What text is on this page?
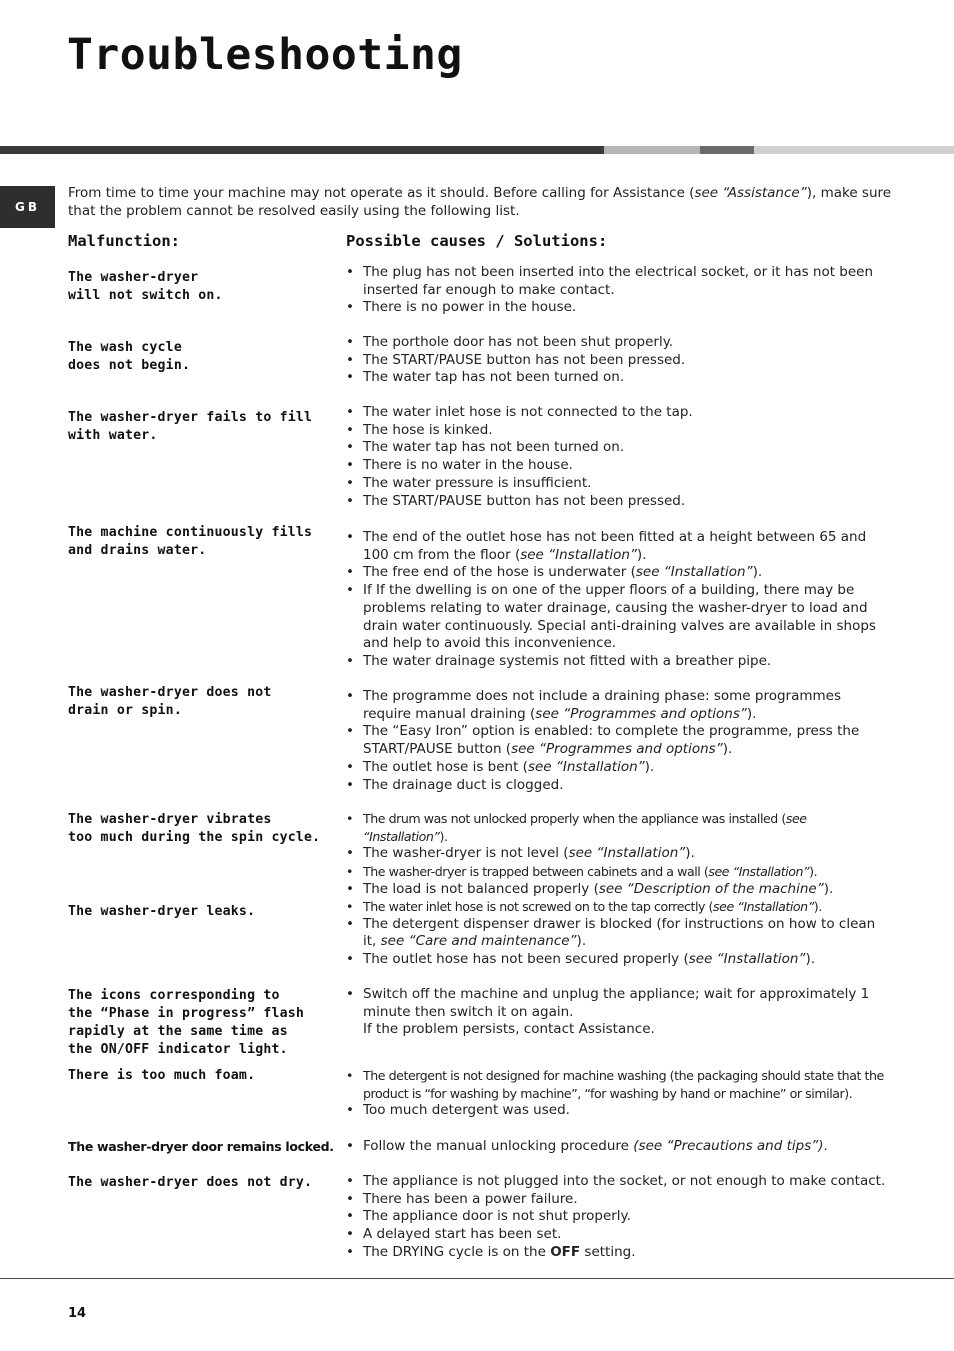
Troubleshooting
GB

From time to time your machine may not operate as it should. Before calling for Assistance (see “Assistance”), make sure that the problem cannot be resolved easily using the following list.

Malfunction:	Possible causes / Solutions:

The washer-dryer
will not switch on.

• The plug has not been inserted into the electrical socket, or it has not been inserted far enough to make contact.
• There is no power in the house.

The wash cycle
does not begin.

• The porthole door has not been shut properly.
• The START/PAUSE button has not been pressed.
• The water tap has not been turned on.

The washer-dryer fails to fill
with water.

• The water inlet hose is not connected to the tap.
• The hose is kinked.
• The water tap has not been turned on.
• There is no water in the house.
• The water pressure is insufficient.
• The START/PAUSE button has not been pressed.

The machine continuously fills
and drains water.

• The end of the outlet hose has not been fitted at a height between 65 and 100 cm from the floor (see “Installation”).
• The free end of the hose is underwater (see “Installation”).
• If If the dwelling is on one of the upper floors of a building, there may be problems relating to water drainage, causing the washer-dryer to load and drain water continuously. Special anti-draining valves are available in shops and help to avoid this inconvenience.
• The water drainage systemis not fitted with a breather pipe.

The washer-dryer does not
drain or spin.

• The programme does not include a draining phase: some programmes require manual draining (see “Programmes and options”).
• The “Easy Iron” option is enabled: to complete the programme, press the START/PAUSE button (see “Programmes and options”).
• The outlet hose is bent (see “Installation”).
• The drainage duct is clogged.

The washer-dryer vibrates
too much during the spin cycle.

• The drum was not unlocked properly when the appliance was installed (see “Installation”).
• The washer-dryer is not level (see “Installation”).
• The washer-dryer is trapped between cabinets and a wall (see “Installation”).
• The load is not balanced properly (see “Description of the machine”).

The washer-dryer leaks.	• The water inlet hose is not screwed on to the tap correctly (see “Installation”).
• The detergent dispenser drawer is blocked (for instructions on how to clean it, see “Care and maintenance”).
• The outlet hose has not been secured properly (see “Installation”).

The icons corresponding to
the “Phase in progress” flash
rapidly at the same time as
the ON/OFF indicator light.

• Switch off the machine and unplug the appliance; wait for approximately 1 minute then switch it on again.
If the problem persists, contact Assistance.

There is too much foam.	• The detergent is not designed for machine washing (the packaging should state that the product is “for washing by machine”, “for washing by hand or machine” or similar).
• Too much detergent was used.

The washer-dryer door remains locked.	• Follow the manual unlocking procedure (see “Precautions and tips”).

The washer-dryer does not dry.	• The appliance is not plugged into the socket, or not enough to make contact.
• There has been a power failure.
• The appliance door is not shut properly.
• A delayed start has been set.
• The DRYING cycle is on the OFF setting.
14
